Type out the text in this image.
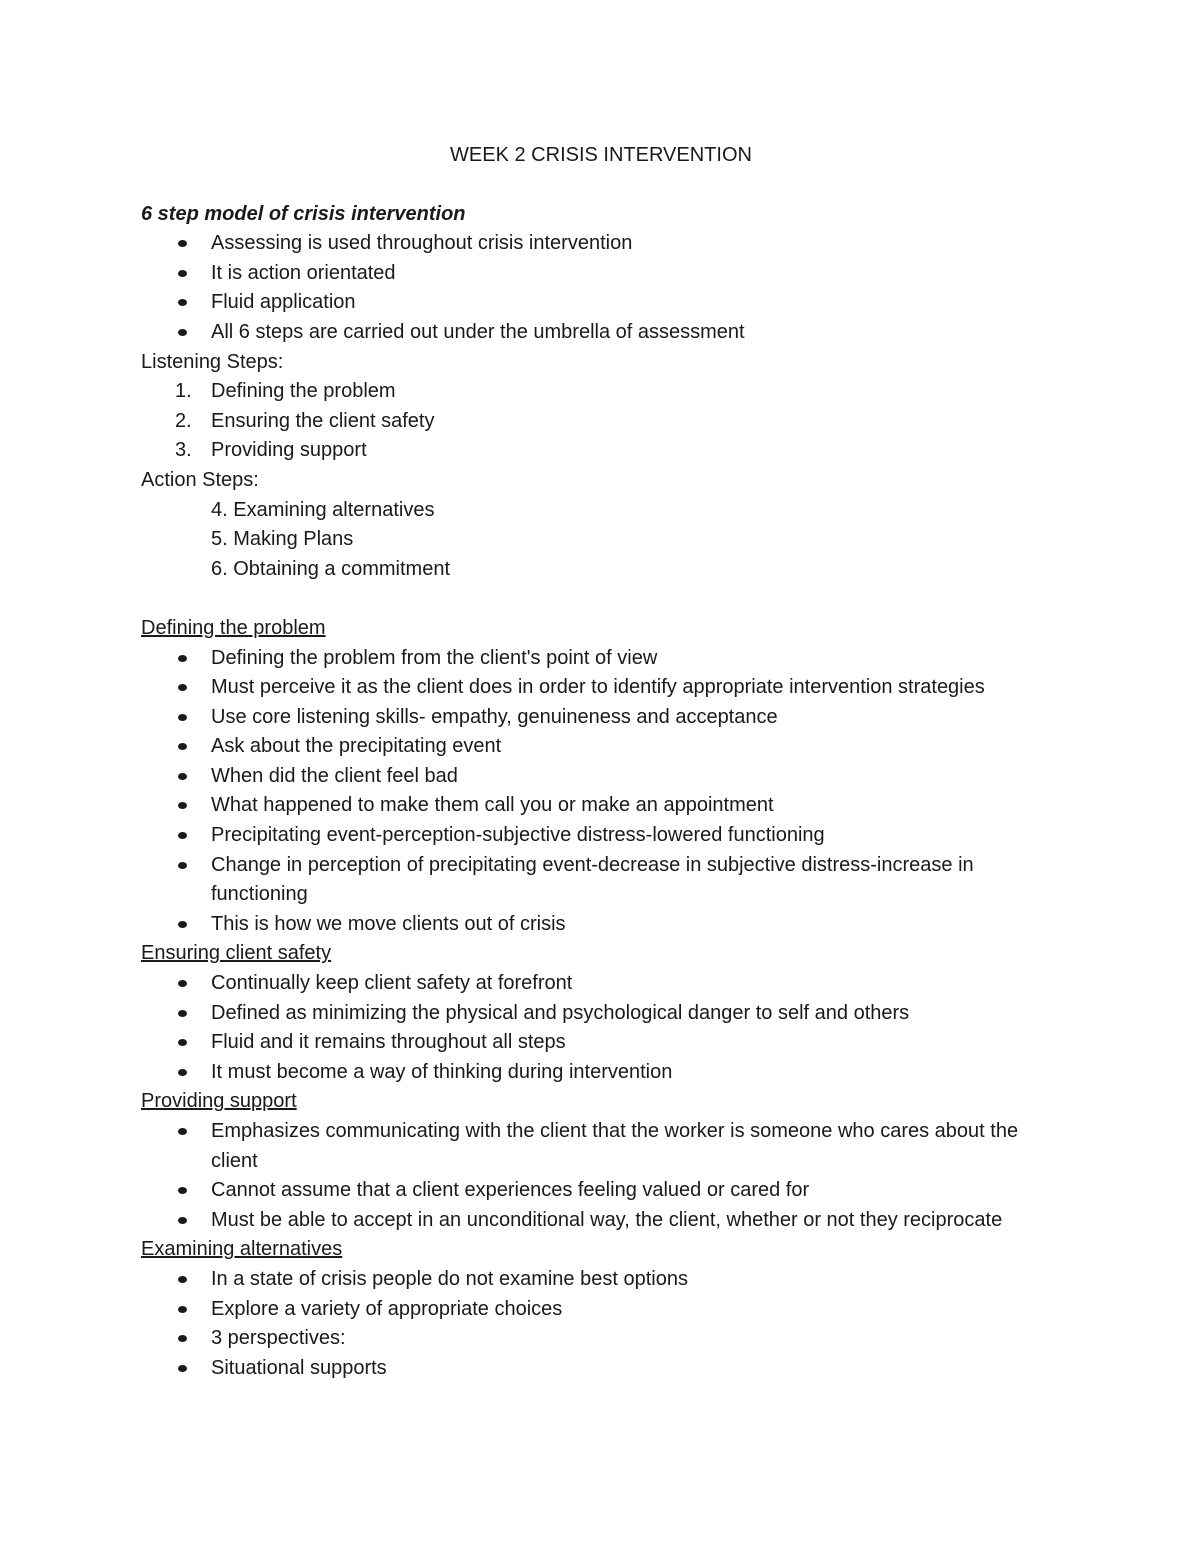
WEEK 2 CRISIS INTERVENTION

6 step model of crisis intervention

Assessing is used throughout crisis intervention
It is action orientated
Fluid application
All 6 steps are carried out under the umbrella of assessment

Listening Steps:

1. Defining the problem
2. Ensuring the client safety
3. Providing support

Action Steps:

4. Examining alternatives

5. Making Plans

6. Obtaining a commitment

Defining the problem

Defining the problem from the client's point of view
Must perceive it as the client does in order to identify appropriate intervention strategies
Use core listening skills- empathy, genuineness and acceptance
Ask about the precipitating event
When did the client feel bad
What happened to make them call you or make an appointment
Precipitating event-perception-subjective distress-lowered functioning
Change in perception of precipitating event-decrease in subjective distress-increase in functioning
This is how we move clients out of crisis

Ensuring client safety

Continually keep client safety at forefront
Defined as minimizing the physical and psychological danger to self and others
Fluid and it remains throughout all steps
It must become a way of thinking during intervention

Providing support

Emphasizes communicating with the client that the worker is someone who cares about the client
Cannot assume that a client experiences feeling valued or cared for
Must be able to accept in an unconditional way, the client, whether or not they reciprocate

Examining alternatives

In a state of crisis people do not examine best options
Explore a variety of appropriate choices
3 perspectives:
Situational supports
